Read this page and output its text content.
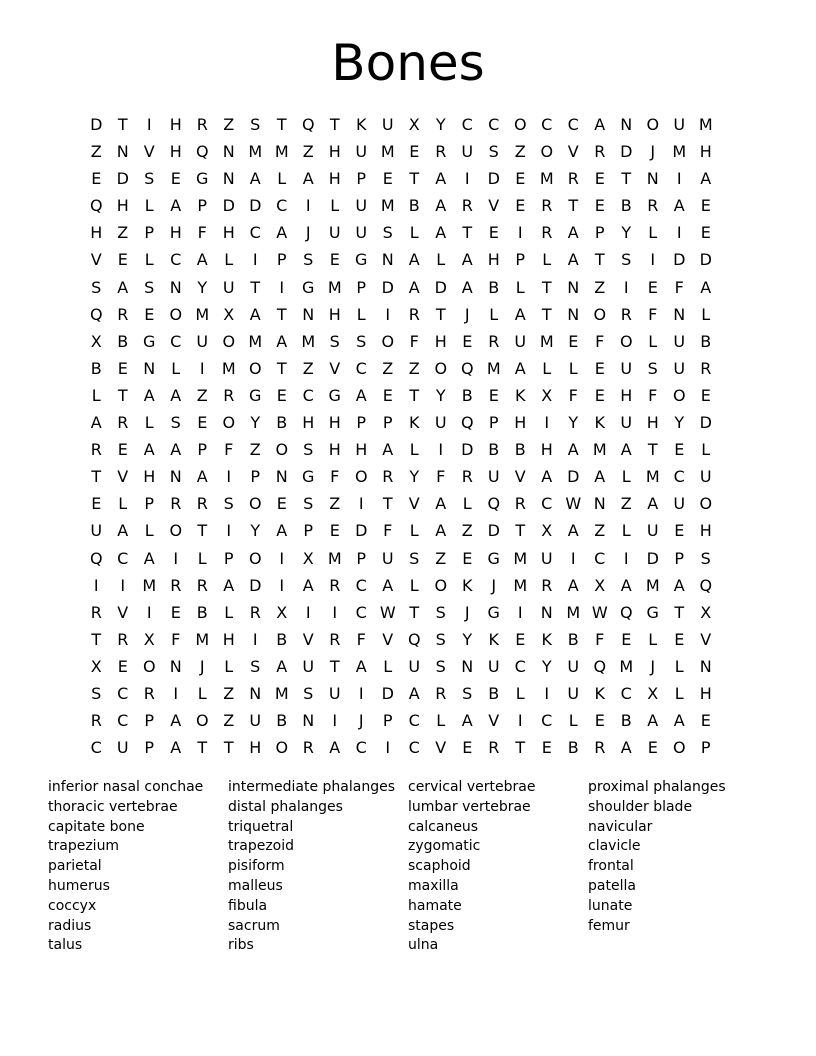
Bones
D T	I	H R Z S	T Q T	K U X	Y	C C O C C A N O U M
Z N V H Q N M M Z H U M E R U S Z O V R D	J	M H
E D S	E G N A	L	A H P	E	T	A	I	D E M R E	T N	I	A
Q H	L	A	P D D C	I	L	U M B A R V E R	T	E B R A E
H Z	P H F H C A	J	U U S	L	A	T	E	I	R A	P	Y	L	I	E
V E	L	C A	L	I	P	S	E G N A	L	A H P	L	A	T	S	I	D D
S A S N Y U T	I	G M P D A D A B	L	T N Z	I	E	F	A
Q R E O M X A	T N H	L	I	R	T	J	L	A	T N O R	F N	L
X B G C U O M A M S	S O F H E R U M E	F O L	U B
B E N	L	I	M O T	Z V C Z Z O Q M A	L	L	E U S U R
L	T	A A Z R G E C G A E	T	Y	B E	K X	F	E H F O E
A R	L	S	E O Y	B H H P	P	K U Q P H	I	Y	K U H Y D
R E A A	P	F	Z O S H H A	L	I	D B B H A M A	T	E	L
T	V H N A	I	P N G F O R	Y	F	R U V A D A	L M C U
E	L	P	R R S O E	S Z	I	T	V A	L Q R C W N Z A U O
U A	L O T	I	Y	A	P	E D F	L	A Z D T	X A Z	L	U E H
Q C A	I	L	P O	I	X M P U S Z E G M U	I	C	I	D P	S
I	I	M R R A D	I	A R C A	L O K	J	M R A X A M A Q
R V	I	E B	L	R X	I	I	C W T	S	J	G	I	N M W Q G T	X
T	R X	F M H	I	B V R	F	V Q S	Y	K	E	K B	F	E	L	E V
X E O N	J	L	S A U T	A	L	U S N U C	Y U Q M	J	L	N
S C R	I	L	Z N M S U	I	D A R S B	L	I	U K C X	L	H
R C	P	A O Z U B N	I	J	P	C	L	A V	I	C	L	E B A A E
C U P	A	T	T H O R A C	I	C V E R	T	E B R A E O P
inferior nasal conchae
thoracic vertebrae
capitate bone
trapezium
parietal
humerus
coccyx
radius
talus
intermediate phalanges
distal phalanges
triquetral
trapezoid
pisiform
malleus
fibula
sacrum
ribs
cervical vertebrae
lumbar vertebrae
calcaneus
zygomatic
scaphoid
maxilla
hamate
stapes
ulna
proximal phalanges
shoulder blade
navicular
clavicle
frontal
patella
lunate
femur
